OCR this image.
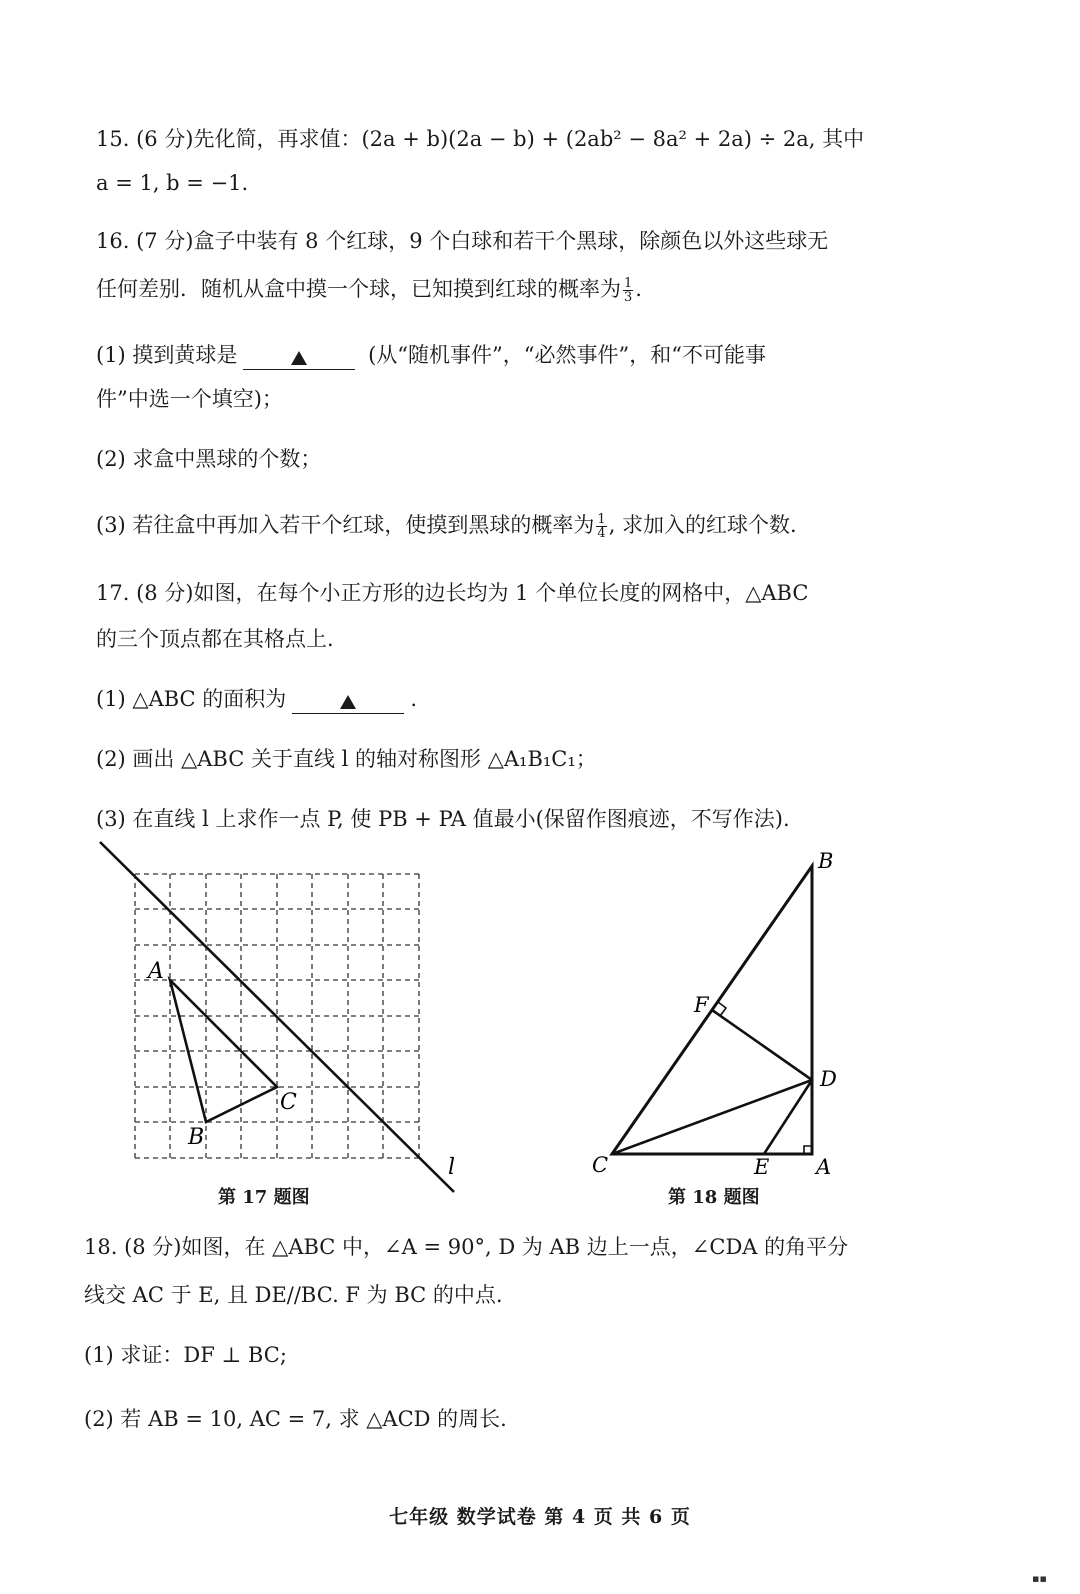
15. (6 分)先化简，再求值：(2a + b)(2a − b) + (2ab² − 8a² + 2a) ÷ 2a, 其中
a = 1, b = −1.
16. (7 分)盒子中装有 8 个红球，9 个白球和若干个黑球，除颜色以外这些球无
任何差别．随机从盒中摸一个球，已知摸到红球的概率为 $\frac{1}{3}$ .
(1) 摸到黄球是	(从“随机事件”，“必然事件”，和“不可能事
件”中选一个填空)；
(2) 求盒中黑球的个数；
(3) 若往盒中再加入若干个红球，使摸到黑球的概率为 $\frac{1}{4}$ , 求加入的红球个数.
17. (8 分)如图，在每个小正方形的边长均为 1 个单位长度的网格中，△ABC
的三个顶点都在其格点上.
(1) △ABC 的面积为	.
(2) 画出 △ABC 关于直线 l 的轴对称图形 △A₁B₁C₁；
(3) 在直线 l 上求作一点 P, 使 PB + PA 值最小(保留作图痕迹，不写作法).
A
B
C
l
第 17 题图
B
F
D
C	E A
第 18 题图
18. (8 分)如图，在 △ABC 中，∠A = 90°, D 为 AB 边上一点，∠CDA 的角平分
线交 AC 于 E, 且 DE//BC. F 为 BC 的中点.
(1) 求证：DF ⊥ BC;
(2) 若 AB = 10, AC = 7, 求 △ACD 的周长.
七年级 数学试卷 第 4 页 共 6 页
▪▪
